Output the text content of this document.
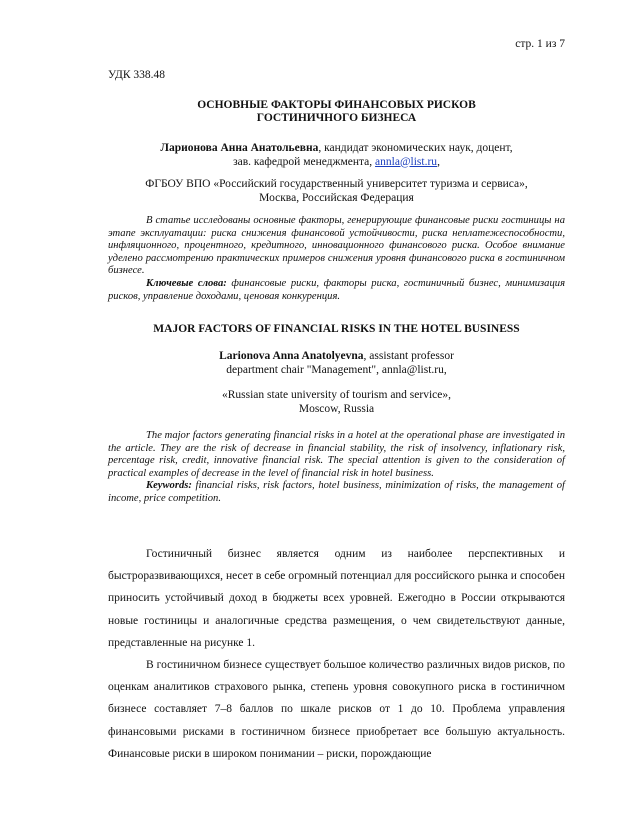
стр. 1 из 7
УДК 338.48
ОСНОВНЫЕ ФАКТОРЫ ФИНАНСОВЫХ РИСКОВ
ГОСТИНИЧНОГО БИЗНЕСА
Ларионова Анна Анатольевна, кандидат экономических наук, доцент,
зав. кафедрой менеджмента, annla@list.ru,
ФГБОУ ВПО «Российский государственный университет туризма и сервиса»,
Москва, Российская Федерация

В статье исследованы основные факторы, генерирующие финансовые риски гостиницы на этапе эксплуатации: риска снижения финансовой устойчивости, риска неплатежеспособности, инфляционного, процентного, кредитного, инновационного финансового риска. Особое внимание уделено рассмотрению практических примеров снижения уровня финансового риска в гостиничном бизнесе.

Ключевые слова: финансовые риски, факторы риска, гостиничный бизнес, минимизация рисков, управление доходами, ценовая конкуренция.

MAJOR FACTORS OF FINANCIAL RISKS IN THE HOTEL BUSINESS
Larionova Anna Anatolyevna, assistant professor
department chair "Management", annla@list.ru,
«Russian state university of tourism and service»,
Moscow, Russia

The major factors generating financial risks in a hotel at the operational phase are investigated in the article. They are the risk of decrease in financial stability, the risk of insolvency, inflationary risk, percentage risk, credit, innovative financial risk. The special attention is given to the consideration of practical examples of decrease in the level of financial risk in hotel business.

Keywords: financial risks, risk factors, hotel business, minimization of risks, the management of income, price competition.

Гостиничный бизнес является одним из наиболее перспективных и быстроразвивающихся, несет в себе огромный потенциал для российского рынка и способен приносить устойчивый доход в бюджеты всех уровней. Ежегодно в России открываются новые гостиницы и аналогичные средства размещения, о чем свидетельствуют данные, представленные на рисунке 1.

В гостиничном бизнесе существует большое количество различных видов рисков, по оценкам аналитиков страхового рынка, степень уровня совокупного риска в гостиничном бизнесе составляет 7–8 баллов по шкале рисков от 1 до 10. Проблема управления финансовыми рисками в гостиничном бизнесе приобретает все большую актуальность. Финансовые риски в широком понимании – риски, порождающие
